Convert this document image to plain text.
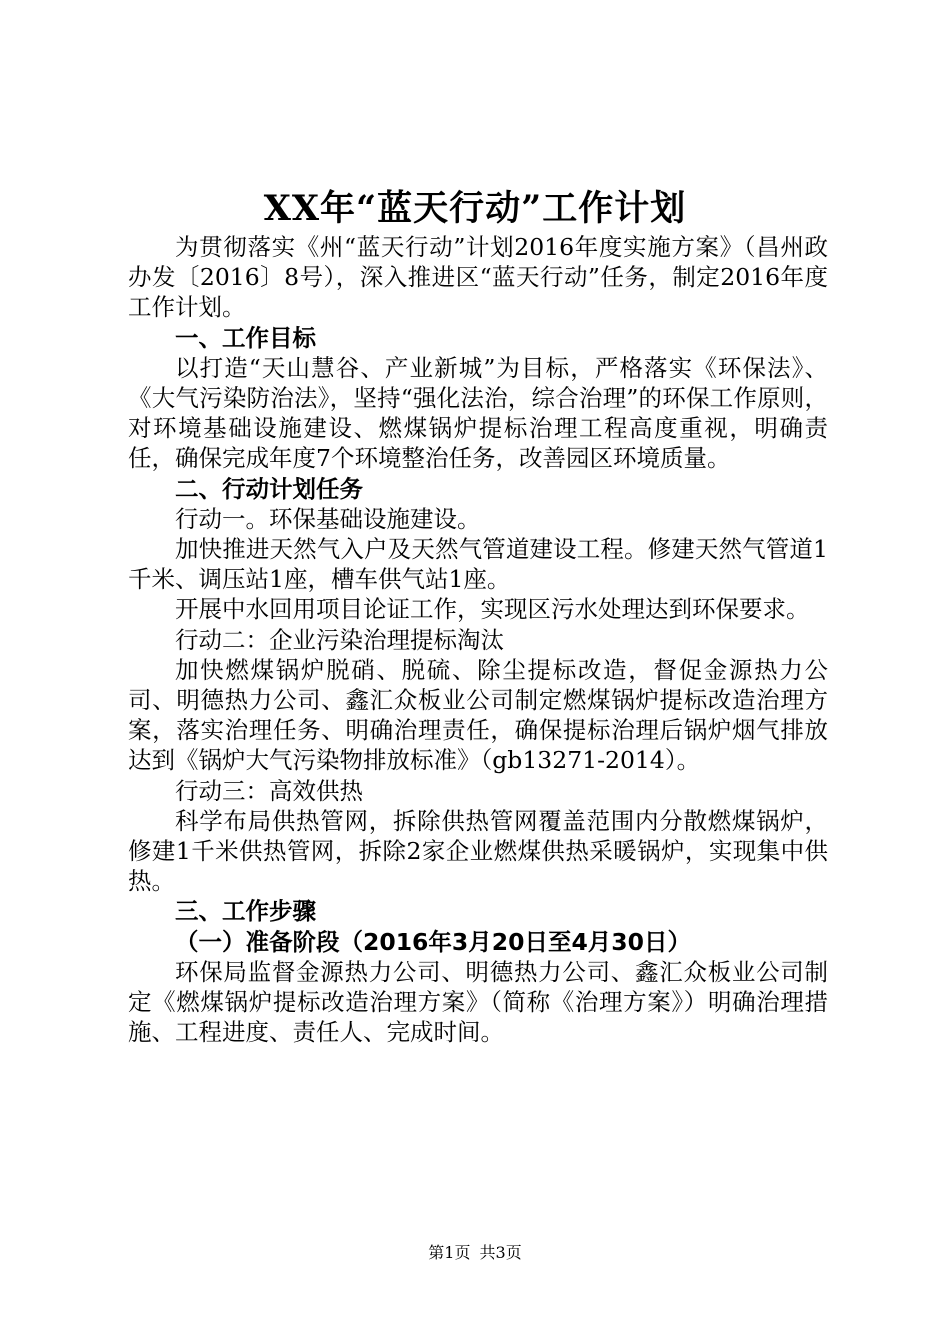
XX年“蓝天行动”工作计划

为贯彻落实《州“蓝天行动”计划2016年度实施方案》（昌州政办发〔2016〕8号），深入推进区“蓝天行动”任务，制定2016年度工作计划。

一、工作目标

以打造“天山慧谷、产业新城”为目标，严格落实《环保法》、《大气污染防治法》，坚持“强化法治，综合治理”的环保工作原则，对环境基础设施建设、燃煤锅炉提标治理工程高度重视，明确责任，确保完成年度7个环境整治任务，改善园区环境质量。

二、行动计划任务

行动一。环保基础设施建设。

加快推进天然气入户及天然气管道建设工程。修建天然气管道1千米、调压站1座，槽车供气站1座。

开展中水回用项目论证工作，实现区污水处理达到环保要求。

行动二：企业污染治理提标淘汰

加快燃煤锅炉脱硝、脱硫、除尘提标改造，督促金源热力公司、明德热力公司、鑫汇众板业公司制定燃煤锅炉提标改造治理方案，落实治理任务、明确治理责任，确保提标治理后锅炉烟气排放达到《锅炉大气污染物排放标准》（gb13271-2014）。

行动三：高效供热

科学布局供热管网，拆除供热管网覆盖范围内分散燃煤锅炉，修建1千米供热管网，拆除2家企业燃煤供热采暖锅炉，实现集中供热。

三、工作步骤

（一）准备阶段（2016年3月20日至4月30日）

环保局监督金源热力公司、明德热力公司、鑫汇众板业公司制定《燃煤锅炉提标改造治理方案》（简称《治理方案》）明确治理措施、工程进度、责任人、完成时间。

第1页 共3页
